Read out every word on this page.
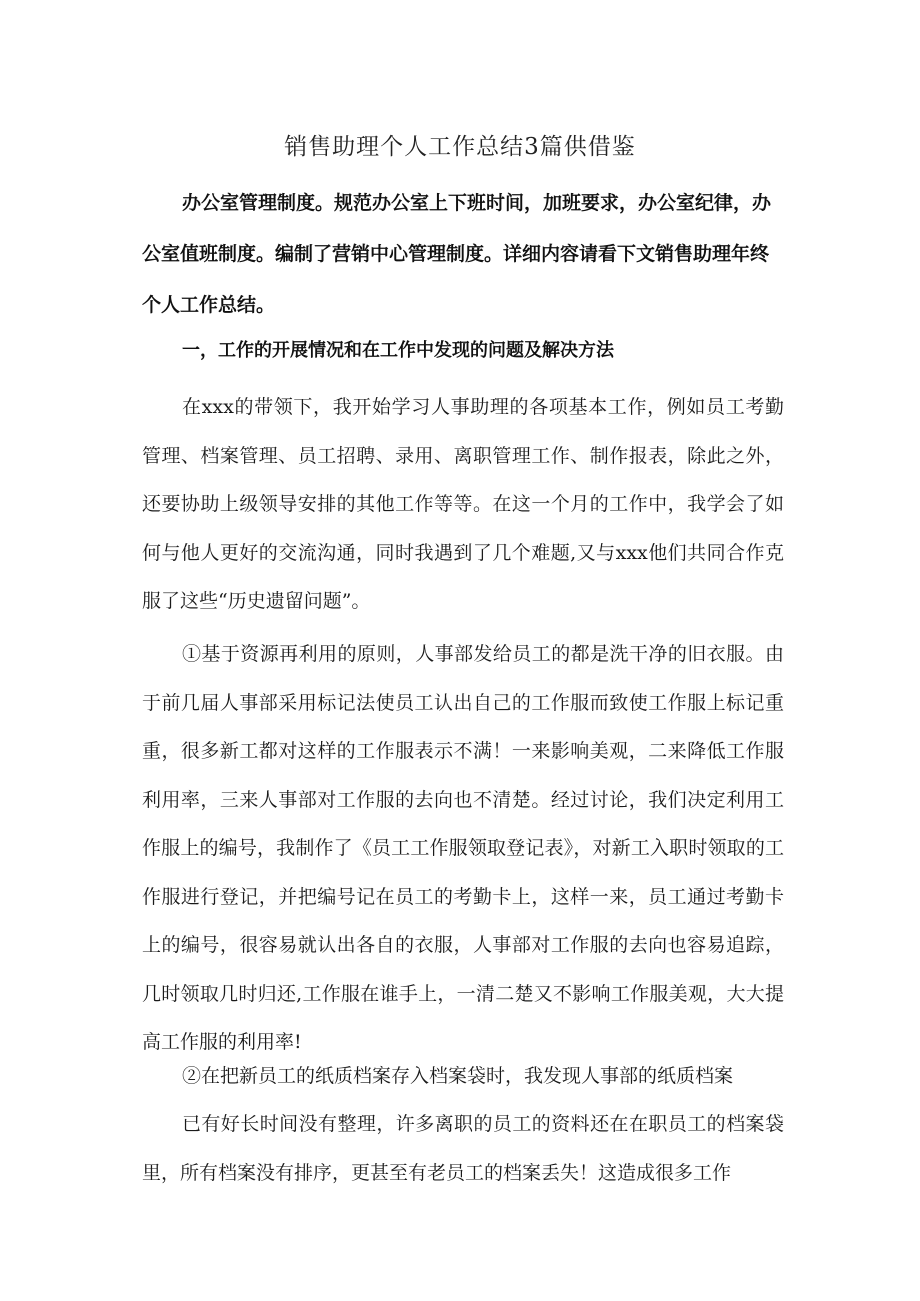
销售助理个人工作总结3篇供借鉴

办公室管理制度。规范办公室上下班时间，加班要求，办公室纪律，办公室值班制度。编制了营销中心管理制度。详细内容请看下文销售助理年终个人工作总结。

一，工作的开展情况和在工作中发现的问题及解决方法

在xxx的带领下，我开始学习人事助理的各项基本工作，例如员工考勤管理、档案管理、员工招聘、录用、离职管理工作、制作报表，除此之外，还要协助上级领导安排的其他工作等等。在这一个月的工作中，我学会了如何与他人更好的交流沟通，同时我遇到了几个难题,又与xxx他们共同合作克服了这些“历史遗留问题”。

①基于资源再利用的原则，人事部发给员工的都是洗干净的旧衣服。由于前几届人事部采用标记法使员工认出自己的工作服而致使工作服上标记重重，很多新工都对这样的工作服表示不满！一来影响美观，二来降低工作服利用率，三来人事部对工作服的去向也不清楚。经过讨论，我们决定利用工作服上的编号，我制作了《员工工作服领取登记表》，对新工入职时领取的工作服进行登记，并把编号记在员工的考勤卡上，这样一来，员工通过考勤卡上的编号，很容易就认出各自的衣服，人事部对工作服的去向也容易追踪，几时领取几时归还,工作服在谁手上，一清二楚又不影响工作服美观，大大提高工作服的利用率!

②在把新员工的纸质档案存入档案袋时，我发现人事部的纸质档案

已有好长时间没有整理，许多离职的员工的资料还在在职员工的档案袋里，所有档案没有排序，更甚至有老员工的档案丢失！这造成很多工作
